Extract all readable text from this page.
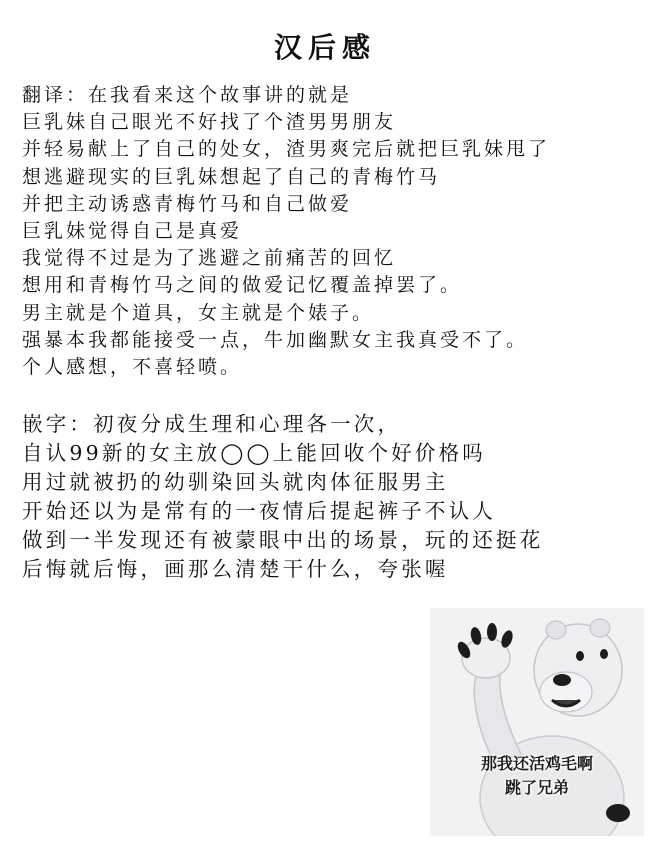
汉后感
翻译：在我看来这个故事讲的就是
巨乳妹自己眼光不好找了个渣男男朋友
并轻易献上了自己的处女，渣男爽完后就把巨乳妹甩了
想逃避现实的巨乳妹想起了自己的青梅竹马
并把主动诱惑青梅竹马和自己做爱
巨乳妹觉得自己是真爱
我觉得不过是为了逃避之前痛苦的回忆
想用和青梅竹马之间的做爱记忆覆盖掉罢了。
男主就是个道具，女主就是个婊子。
强暴本我都能接受一点，牛加幽默女主我真受不了。
个人感想，不喜轻喷。
嵌字：初夜分成生理和心理各一次，
自认99新的女主放◯◯上能回收个好价格吗
用过就被扔的幼驯染回头就肉体征服男主
开始还以为是常有的一夜情后提起裤子不认人
做到一半发现还有被蒙眼中出的场景，玩的还挺花
后悔就后悔，画那么清楚干什么，夸张喔
那我还活鸡毛啊
跳了兄弟
